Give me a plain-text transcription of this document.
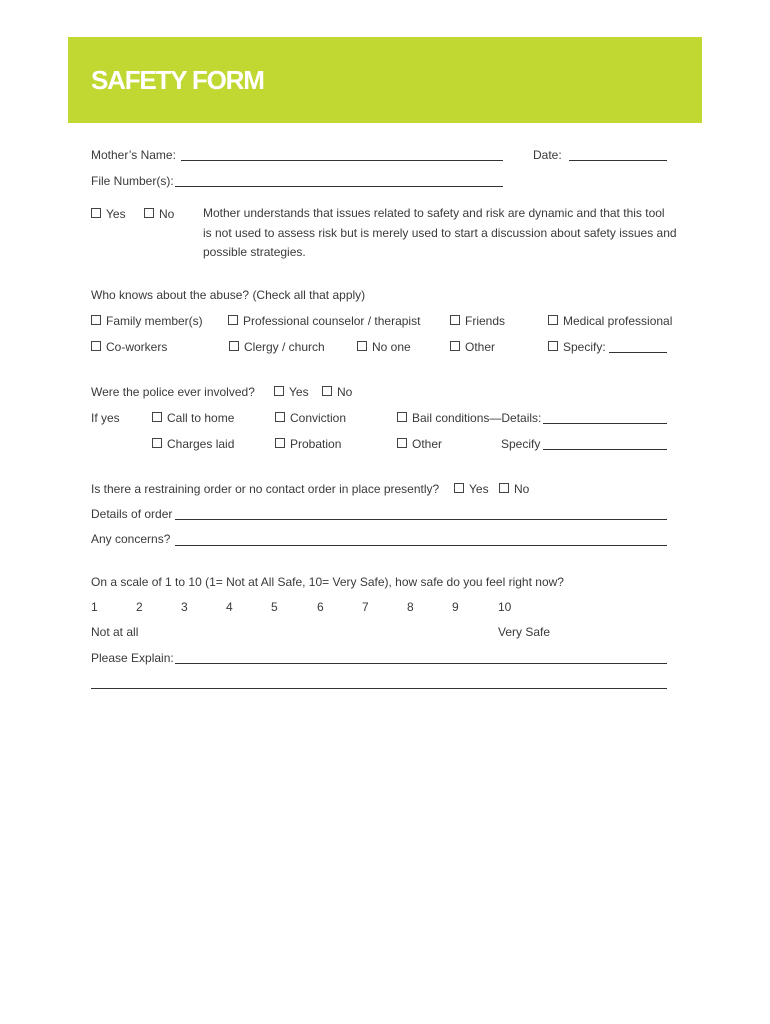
SAFETY FORM
Mother’s Name:	Date:
File Number(s):
Yes	No Mother understands that issues related to safety and risk are dynamic and that this tool
is not used to assess risk but is merely used to start a discussion about safety issues and
possible strategies.
Who knows about the abuse? (Check all that apply)
Family member(s)	Professional counselor / therapist	Friends	Medical professional
Co-workers	Clergy / church	No one	Other	Specify:
Were the police ever involved?	Yes	No
If yes	Call to home	Conviction	Bail conditions—Details:
Charges laid	Probation	Other	Specify
Is there a restraining order or no contact order in place presently?	Yes	No
Details of order
Any concerns?
On a scale of 1 to 10 (1= Not at All Safe, 10= Very Safe), how safe do you feel right now?
1	2	3	4	5	6	7	8	9	10
Not at all	Very Safe
Please Explain:
